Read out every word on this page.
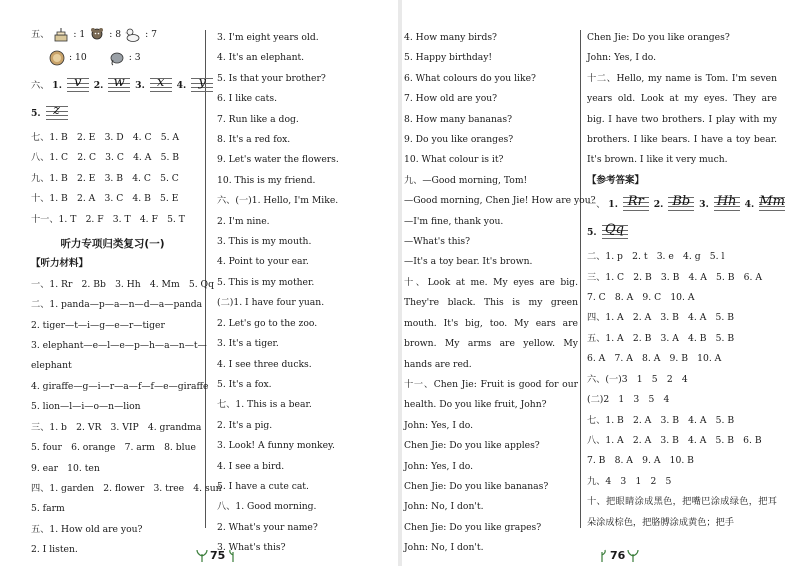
五、	: 1	: 8	: 7
: 10	: 3
六、 1. v	2. w	3. x	4. y
5. z
七、1. B　2. E　3. D　4. C　5. A
八、1. C　2. C　3. C　4. A　5. B
九、1. B　2. E　3. B　4. C　5. C
十、1. B　2. A　3. C　4. B　5. E
十一、1. T　2. F　3. T　4. F　5. T
听力专项归类复习(一)
【听力材料】
一、1. Rr　2. Bb　3. Hh　4. Mm　5. Qq
二、1. panda—p—a—n—d—a—panda
2. tiger—t—i—g—e—r—tiger
3. elephant—e—l—e—p—h—a—n—t—
elephant
4. giraffe—g—i—r—a—f—f—e—giraffe
5. lion—l—i—o—n—lion
三、1. b　2. VR　3. VIP　4. grandma
5. four　6. orange　7. arm　8. blue
9. ear　10. ten
四、1. garden　2. flower　3. tree　4. sun
5. farm
五、1. How old are you?
2. I listen.
3. I'm eight years old.
4. It's an elephant.
5. Is that your brother?
6. I like cats.
7. Run like a dog.
8. It's a red fox.
9. Let's water the flowers.
10. This is my friend.
六、(一)1. Hello, I'm Mike.
2. I'm nine.
3. This is my mouth.
4. Point to your ear.
5. This is my mother.
(二)1. I have four yuan.
2. Let's go to the zoo.
3. It's a tiger.
4. I see three ducks.
5. It's a fox.
七、1. This is a bear.
2. It's a pig.
3. Look! A funny monkey.
4. I see a bird.
5. I have a cute cat.
八、1. Good morning.
2. What's your name?
3. What's this?
75
4. How many birds?
5. Happy birthday!
6. What colours do you like?
7. How old are you?
8. How many bananas?
9. Do you like oranges?
10. What colour is it?
九、—Good morning, Tom!
—Good morning, Chen Jie! How are you?
—I'm fine, thank you.
—What's this?
—It's a toy bear. It's brown.
十、Look at me. My eyes are big. They're black. This is my green mouth. It's big, too. My ears are brown. My arms are yellow. My hands are red.
十一、Chen Jie: Fruit is good for our health. Do you like fruit, John?
John: Yes, I do.
Chen Jie: Do you like apples?
John: Yes, I do.
Chen Jie: Do you like bananas?
John: No, I don't.
Chen Jie: Do you like grapes?
John: No, I don't.
Chen Jie: Do you like oranges?
John: Yes, I do.
十二、Hello, my name is Tom. I'm seven years old. Look at my eyes. They are big. I have two brothers. I play with my brothers. I like bears. I have a toy bear. It's brown. I like it very much.
【参考答案】
一、 1. Rr	2. Bb 3. Hh 4. Mm
5. Qq
二、1. p　2. t　3. e　4. g　5. l
三、1. C　2. B　3. B　4. A　5. B　6. A
7. C　8. A　9. C　10. A
四、1. A　2. A　3. B　4. A　5. B
五、1. A　2. B　3. A　4. B　5. B
6. A　7. A　8. A　9. B　10. A
六、(一)3　1　5　2　4
(二)2　1　3　5　4
七、1. B　2. A　3. B　4. A　5. B
八、1. A　2. A　3. B　4. A　5. B　6. B
7. B　8. A　9. A　10. B
九、4　3　1　2　5
十、把眼睛涂成黑色，把嘴巴涂成绿色，把耳朵涂成棕色，把胳膊涂成黄色；把手
76
